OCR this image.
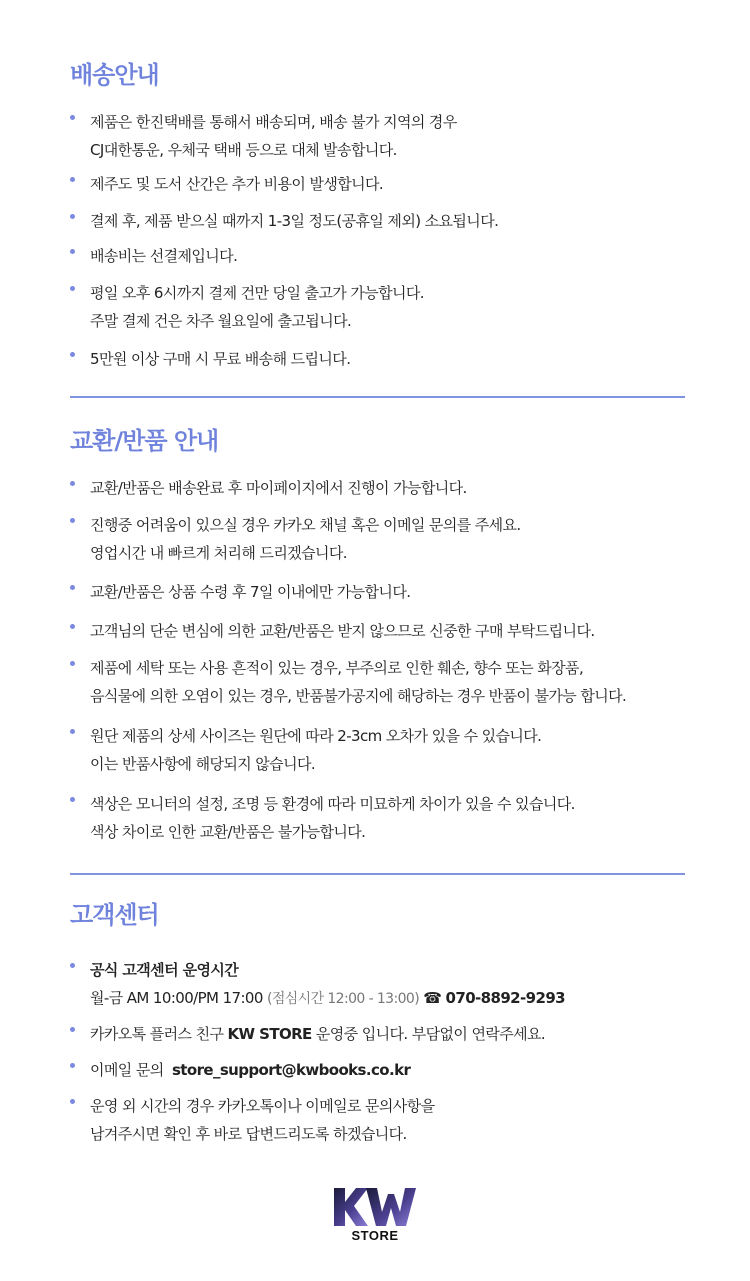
배송안내
제품은 한진택배를 통해서 배송되며, 배송 불가 지역의 경우
CJ대한통운, 우체국 택배 등으로 대체 발송합니다.
제주도 및 도서 산간은 추가 비용이 발생합니다.
결제 후, 제품 받으실 때까지 1-3일 정도(공휴일 제외) 소요됩니다.
배송비는 선결제입니다.
평일 오후 6시까지 결제 건만 당일 출고가 가능합니다.
주말 결제 건은 차주 월요일에 출고됩니다.
5만원 이상 구매 시 무료 배송해 드립니다.
교환/반품 안내
교환/반품은 배송완료 후 마이페이지에서 진행이 가능합니다.
진행중 어려움이 있으실 경우 카카오 채널 혹은 이메일 문의를 주세요.
영업시간 내 빠르게 처리해 드리겠습니다.
교환/반품은 상품 수령 후 7일 이내에만 가능합니다.
고객님의 단순 변심에 의한 교환/반품은 받지 않으므로 신중한 구매 부탁드립니다.
제품에 세탁 또는 사용 흔적이 있는 경우, 부주의로 인한 훼손, 향수 또는 화장품,
음식물에 의한 오염이 있는 경우, 반품불가공지에 해당하는 경우 반품이 불가능 합니다.
원단 제품의 상세 사이즈는 원단에 따라 2-3cm 오차가 있을 수 있습니다.
이는 반품사항에 해당되지 않습니다.
색상은 모니터의 설정, 조명 등 환경에 따라 미묘하게 차이가 있을 수 있습니다.
색상 차이로 인한 교환/반품은 불가능합니다.
고객센터
공식 고객센터 운영시간
월-금 AM 10:00/PM 17:00 (점심시간 12:00 - 13:00) ☎ 070-8892-9293
카카오톡 플러스 친구 KW STORE 운영중 입니다. 부담없이 연락주세요.
이메일 문의 store_support@kwbooks.co.kr
운영 외 시간의 경우 카카오톡이나 이메일로 문의사항을
남겨주시면 확인 후 바로 답변드리도록 하겠습니다.
STORE
